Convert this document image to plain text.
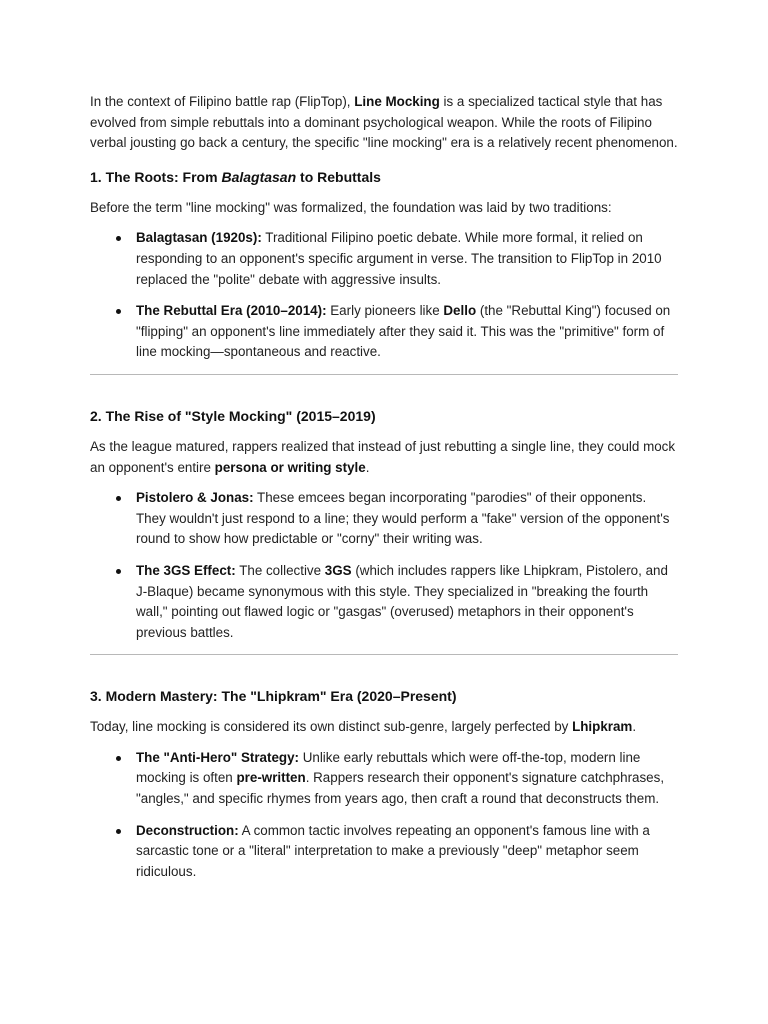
In the context of Filipino battle rap (FlipTop), Line Mocking is a specialized tactical style that has evolved from simple rebuttals into a dominant psychological weapon. While the roots of Filipino verbal jousting go back a century, the specific "line mocking" era is a relatively recent phenomenon.

1. The Roots: From Balagtasan to Rebuttals

Before the term "line mocking" was formalized, the foundation was laid by two traditions:

Balagtasan (1920s): Traditional Filipino poetic debate. While more formal, it relied on responding to an opponent's specific argument in verse. The transition to FlipTop in 2010 replaced the "polite" debate with aggressive insults.
The Rebuttal Era (2010–2014): Early pioneers like Dello (the "Rebuttal King") focused on "flipping" an opponent's line immediately after they said it. This was the "primitive" form of line mocking—spontaneous and reactive.
2. The Rise of "Style Mocking" (2015–2019)

As the league matured, rappers realized that instead of just rebutting a single line, they could mock an opponent's entire persona or writing style.

Pistolero & Jonas: These emcees began incorporating "parodies" of their opponents. They wouldn't just respond to a line; they would perform a "fake" version of the opponent's round to show how predictable or "corny" their writing was.
The 3GS Effect: The collective 3GS (which includes rappers like Lhipkram, Pistolero, and J-Blaque) became synonymous with this style. They specialized in "breaking the fourth wall," pointing out flawed logic or "gasgas" (overused) metaphors in their opponent's previous battles.
3. Modern Mastery: The "Lhipkram" Era (2020–Present)

Today, line mocking is considered its own distinct sub-genre, largely perfected by Lhipkram.

The "Anti-Hero" Strategy: Unlike early rebuttals which were off-the-top, modern line mocking is often pre-written. Rappers research their opponent's signature catchphrases, "angles," and specific rhymes from years ago, then craft a round that deconstructs them.
Deconstruction: A common tactic involves repeating an opponent's famous line with a sarcastic tone or a "literal" interpretation to make a previously "deep" metaphor seem ridiculous.
